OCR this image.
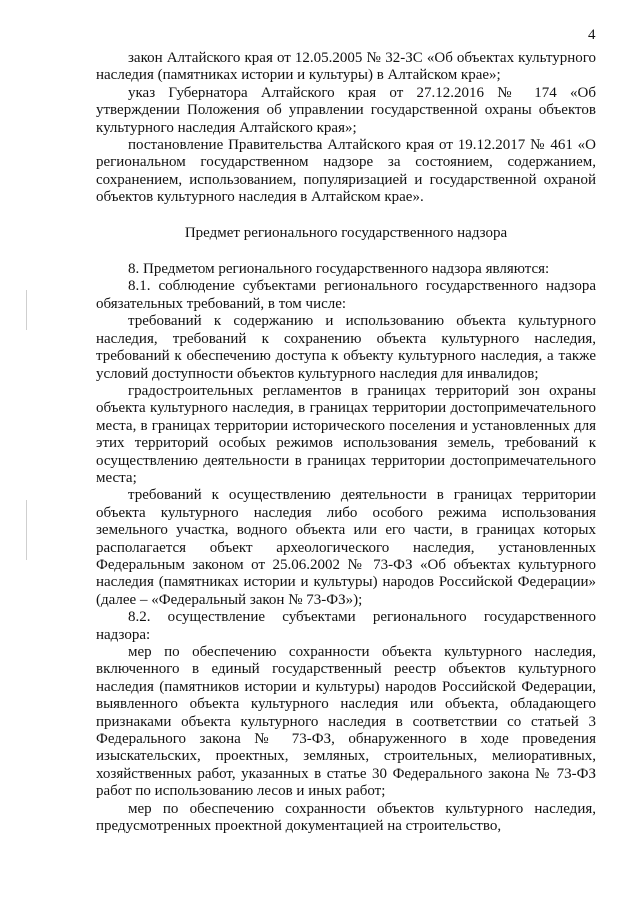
4

закон Алтайского края от 12.05.2005 № 32-ЗС «Об объектах культурного наследия (памятниках истории и культуры) в Алтайском крае»;

указ Губернатора Алтайского края от 27.12.2016 № 174 «Об утверждении Положения об управлении государственной охраны объектов культурного наследия Алтайского края»;

постановление Правительства Алтайского края от 19.12.2017 № 461 «О региональном государственном надзоре за состоянием, содержанием, сохранением, использованием, популяризацией и государственной охраной объектов культурного наследия в Алтайском крае».

Предмет регионального государственного надзора

8. Предметом регионального государственного надзора являются:

8.1. соблюдение субъектами регионального государственного надзора обязательных требований, в том числе:

требований к содержанию и использованию объекта культурного наследия, требований к сохранению объекта культурного наследия, требований к обеспечению доступа к объекту культурного наследия, а также условий доступности объектов культурного наследия для инвалидов;

градостроительных регламентов в границах территорий зон охраны объекта культурного наследия, в границах территории достопримечательного места, в границах территории исторического поселения и установленных для этих территорий особых режимов использования земель, требований к осуществлению деятельности в границах территории достопримечательного места;

требований к осуществлению деятельности в границах территории объекта культурного наследия либо особого режима использования земельного участка, водного объекта или его части, в границах которых располагается объект археологического наследия, установленных Федеральным законом от 25.06.2002 № 73-ФЗ «Об объектах культурного наследия (памятниках истории и культуры) народов Российской Федерации» (далее – «Федеральный закон № 73-ФЗ»);

8.2. осуществление субъектами регионального государственного надзора:

мер по обеспечению сохранности объекта культурного наследия, включенного в единый государственный реестр объектов культурного наследия (памятников истории и культуры) народов Российской Федерации, выявленного объекта культурного наследия или объекта, обладающего признаками объекта культурного наследия в соответствии со статьей 3 Федерального закона № 73-ФЗ, обнаруженного в ходе проведения изыскательских, проектных, земляных, строительных, мелиоративных, хозяйственных работ, указанных в статье 30 Федерального закона № 73-ФЗ работ по использованию лесов и иных работ;

мер по обеспечению сохранности объектов культурного наследия, предусмотренных проектной документацией на строительство,
